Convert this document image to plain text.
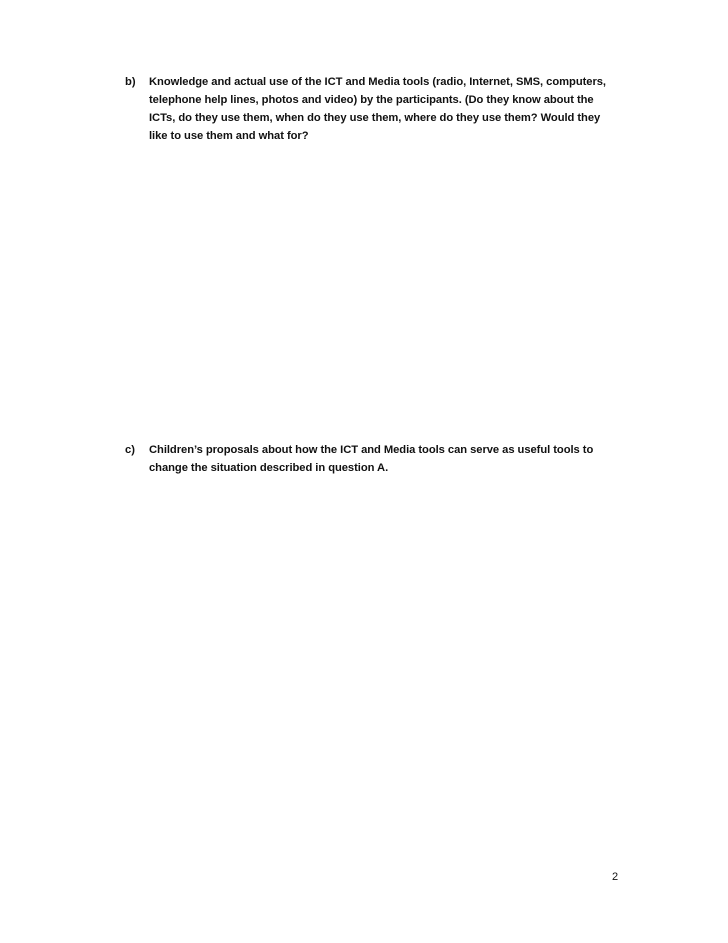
b)	Knowledge and actual use of the ICT and Media tools (radio, Internet, SMS, computers, telephone help lines, photos and video) by the participants. (Do they know about the ICTs, do they use them, when do they use them, where do they use them? Would they like to use them and what for?
c)	Children’s proposals about how the ICT and Media tools can serve as useful tools to change the situation described in question A.
2
